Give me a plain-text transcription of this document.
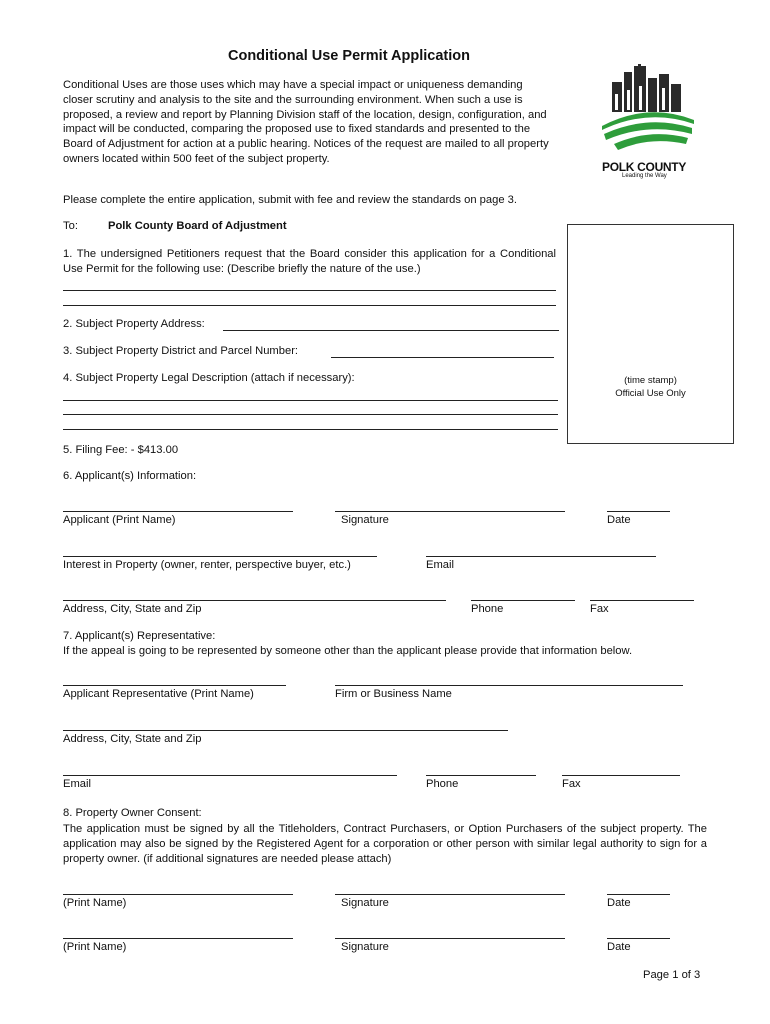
Conditional Use Permit Application
Conditional Uses are those uses which may have a special impact or uniqueness demanding closer scrutiny and analysis to the site and the surrounding environment. When such a use is proposed, a review and report by Planning Division staff of the location, design, configuration, and impact will be conducted, comparing the proposed use to fixed standards and presented to the Board of Adjustment for action at a public hearing. Notices of the request are mailed to all property owners located within 500 feet of the subject property.
POLK COUNTY
Leading the Way
Please complete the entire application, submit with fee and review the standards on page 3.
To:	Polk County Board of Adjustment
(time stamp)
Official Use Only
1. The undersigned Petitioners request that the Board consider this application for a Conditional Use Permit for the following use: (Describe briefly the nature of the use.)
2. Subject Property Address:
3. Subject Property District and Parcel Number:
4. Subject Property Legal Description (attach if necessary):
5. Filing Fee: - $413.00
6. Applicant(s) Information:
Applicant (Print Name)	Signature	Date
Interest in Property (owner, renter, perspective buyer, etc.)	Email
Address, City, State and Zip	Phone	Fax
7. Applicant(s) Representative:
If the appeal is going to be represented by someone other than the applicant please provide that information below.
Applicant Representative (Print Name)	Firm or Business Name
Address, City, State and Zip
Email	Phone	Fax
8. Property Owner Consent:
The application must be signed by all the Titleholders, Contract Purchasers, or Option Purchasers of the subject property. The application may also be signed by the Registered Agent for a corporation or other person with similar legal authority to sign for a property owner. (if additional signatures are needed please attach)
(Print Name)	Signature	Date
(Print Name)	Signature	Date
Page 1 of 3
